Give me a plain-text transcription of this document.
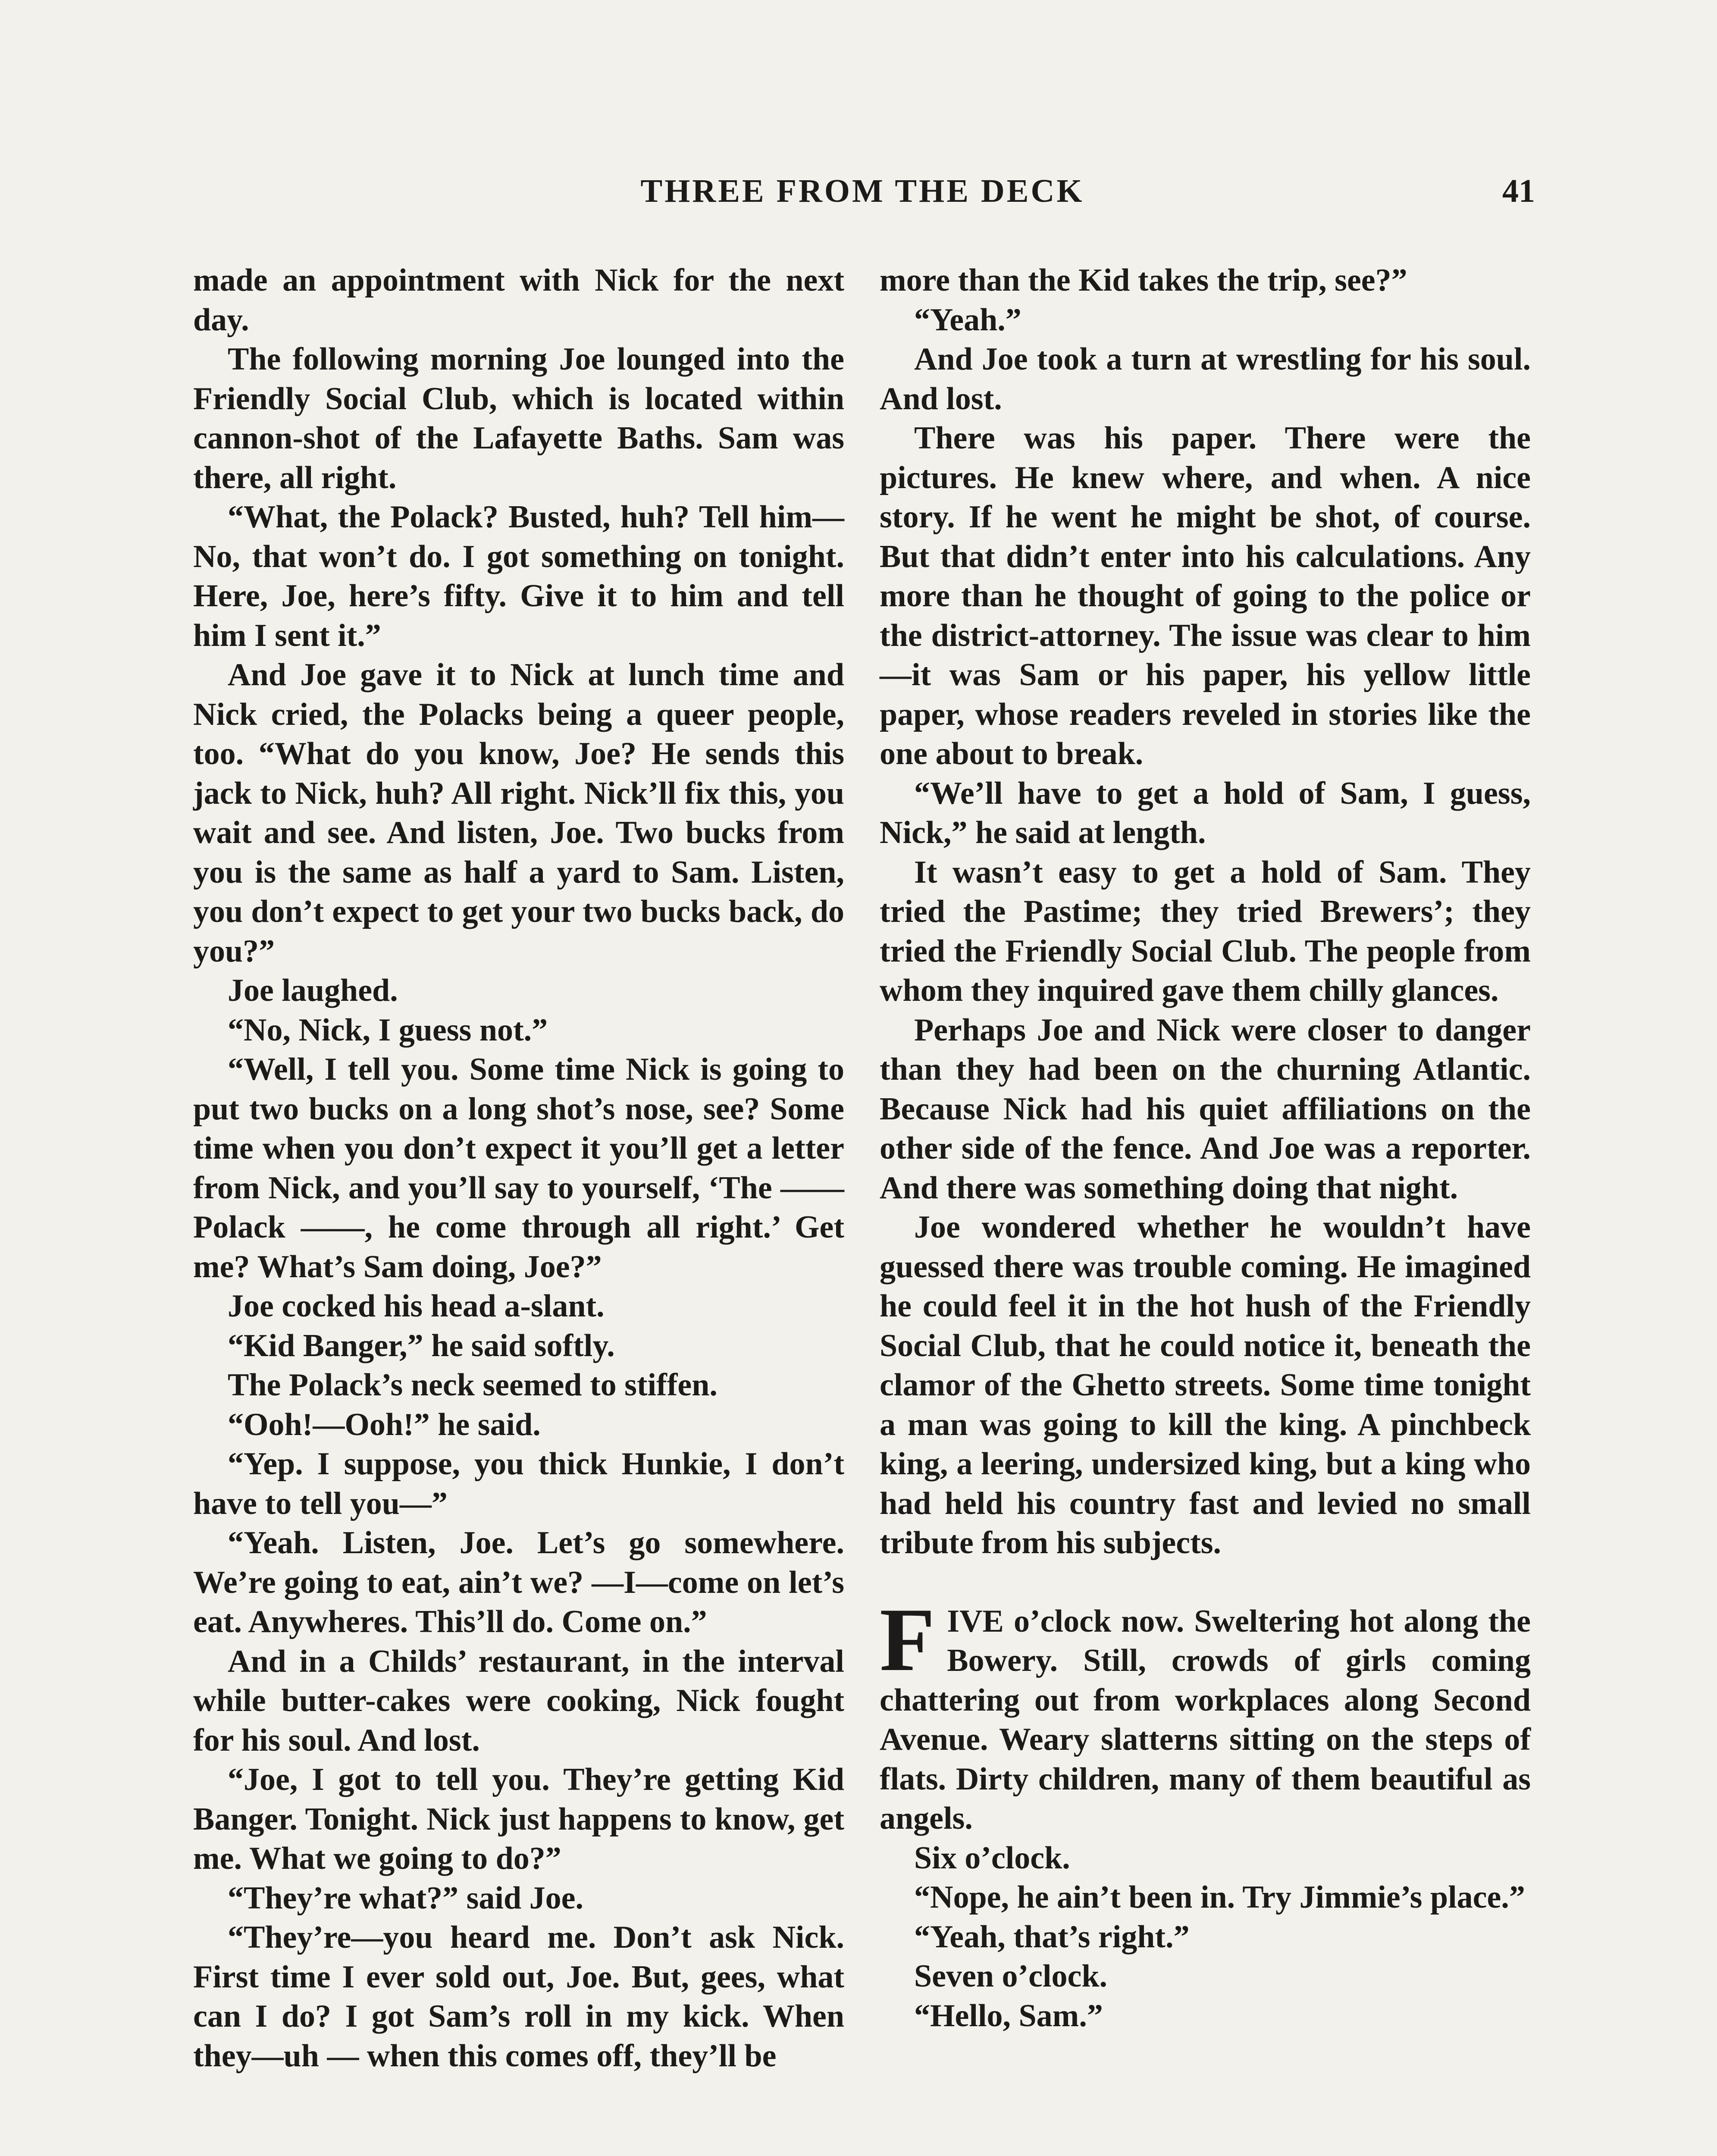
THREE FROM THE DECK	41

made an appointment with Nick for the next day.

The following morning Joe lounged into the Friendly Social Club, which is located within cannon-shot of the Lafayette Baths. Sam was there, all right.

“What, the Polack? Busted, huh? Tell him— No, that won’t do. I got something on tonight. Here, Joe, here’s fifty. Give it to him and tell him I sent it.”

And Joe gave it to Nick at lunch time and Nick cried, the Polacks being a queer people, too. “What do you know, Joe? He sends this jack to Nick, huh? All right. Nick’ll fix this, you wait and see. And listen, Joe. Two bucks from you is the same as half a yard to Sam. Listen, you don’t expect to get your two bucks back, do you?”

Joe laughed.

“No, Nick, I guess not.”

“Well, I tell you. Some time Nick is going to put two bucks on a long shot’s nose, see? Some time when you don’t expect it you’ll get a letter from Nick, and you’ll say to yourself, ‘The —— Polack ——, he come through all right.’ Get me? What’s Sam doing, Joe?”

Joe cocked his head a-slant.

“Kid Banger,” he said softly.

The Polack’s neck seemed to stiffen.

“Ooh!—Ooh!” he said.

“Yep. I suppose, you thick Hunkie, I don’t have to tell you—”

“Yeah. Listen, Joe. Let’s go somewhere. We’re going to eat, ain’t we? —I—come on let’s eat. Anywheres. This’ll do. Come on.”

And in a Childs’ restaurant, in the interval while butter-cakes were cooking, Nick fought for his soul. And lost.

“Joe, I got to tell you. They’re getting Kid Banger. Tonight. Nick just happens to know, get me. What we going to do?”

“They’re what?” said Joe.

“They’re—you heard me. Don’t ask Nick. First time I ever sold out, Joe. But, gees, what can I do? I got Sam’s roll in my kick. When they—uh — when this comes off, they’ll be

more than the Kid takes the trip, see?”

“Yeah.”

And Joe took a turn at wrestling for his soul. And lost.

There was his paper. There were the pictures. He knew where, and when. A nice story. If he went he might be shot, of course. But that didn’t enter into his calculations. Any more than he thought of going to the police or the district-attorney. The issue was clear to him—it was Sam or his paper, his yellow little paper, whose readers reveled in stories like the one about to break.

“We’ll have to get a hold of Sam, I guess, Nick,” he said at length.

It wasn’t easy to get a hold of Sam. They tried the Pastime; they tried Brewers’; they tried the Friendly Social Club. The people from whom they inquired gave them chilly glances.

Perhaps Joe and Nick were closer to danger than they had been on the churning Atlantic. Because Nick had his quiet affiliations on the other side of the fence. And Joe was a reporter. And there was something doing that night.

Joe wondered whether he wouldn’t have guessed there was trouble coming. He imagined he could feel it in the hot hush of the Friendly Social Club, that he could notice it, beneath the clamor of the Ghetto streets. Some time tonight a man was going to kill the king. A pinchbeck king, a leering, undersized king, but a king who had held his country fast and levied no small tribute from his subjects.

FIVE o’clock now. Sweltering hot along the Bowery. Still, crowds of girls coming chattering out from workplaces along Second Avenue. Weary slatterns sitting on the steps of flats. Dirty children, many of them beautiful as angels.

Six o’clock.

“Nope, he ain’t been in. Try Jimmie’s place.”

“Yeah, that’s right.”

Seven o’clock.

“Hello, Sam.”
